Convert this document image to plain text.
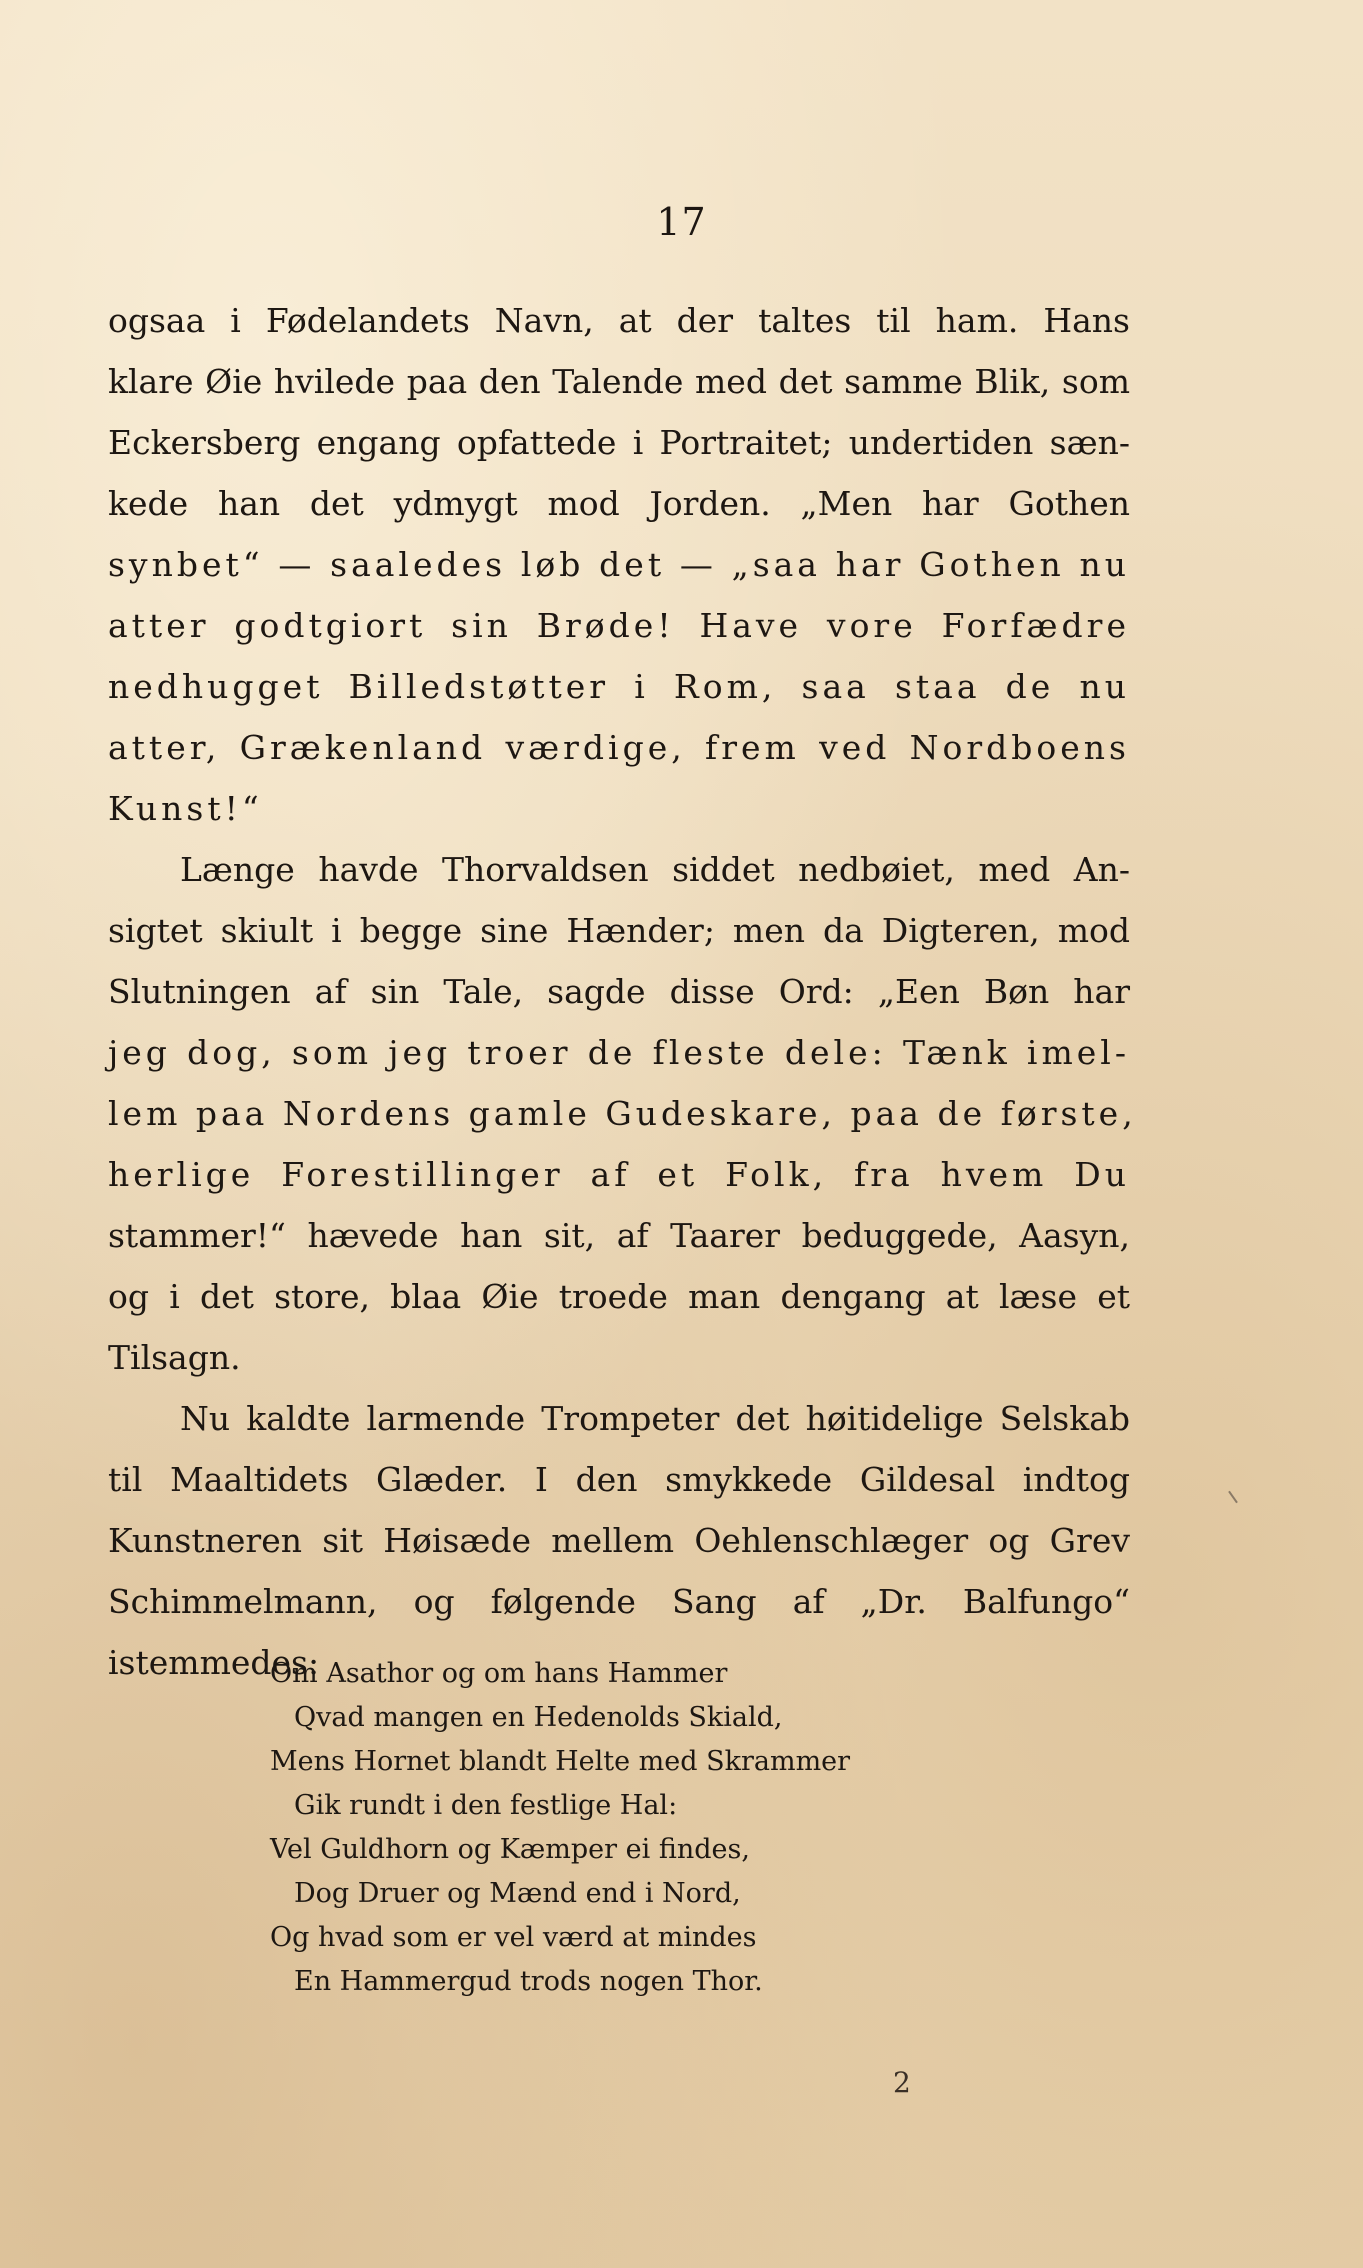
17
ogsaa i Fødelandets Navn, at der taltes til ham. Hans
klare Øie hvilede paa den Talende med det samme Blik, som
Eckersberg engang opfattede i Portraitet; undertiden sæn-
kede han det ydmygt mod Jorden. „Men har Gothen
synbet“ — saaledes løb det — „saa har Gothen nu
atter godtgiort sin Brøde! Have vore Forfædre
nedhugget Billedstøtter i Rom, saa staa de nu
atter, Grækenland værdige, frem ved Nordboens
Kunst!“
Længe havde Thorvaldsen siddet nedbøiet, med An-
sigtet skiult i begge sine Hænder; men da Digteren, mod
Slutningen af sin Tale, sagde disse Ord: „Een Bøn har
jeg dog, som jeg troer de fleste dele: Tænk imel-
lem paa Nordens gamle Gudeskare, paa de første,
herlige Forestillinger af et Folk, fra hvem Du
stammer!“ hævede han sit, af Taarer beduggede, Aasyn,
og i det store, blaa Øie troede man dengang at læse et
Tilsagn.
Nu kaldte larmende Trompeter det høitidelige Selskab
til Maaltidets Glæder. I den smykkede Gildesal indtog
Kunstneren sit Høisæde mellem Oehlenschlæger og Grev
Schimmelmann, og følgende Sang af „Dr. Balfungo“
istemmedes:
Om Asathor og om hans Hammer
Qvad mangen en Hedenolds Skiald,
Mens Hornet blandt Helte med Skrammer
Gik rundt i den festlige Hal:
Vel Guldhorn og Kæmper ei findes,
Dog Druer og Mænd end i Nord,
Og hvad som er vel værd at mindes
En Hammergud trods nogen Thor.
2
